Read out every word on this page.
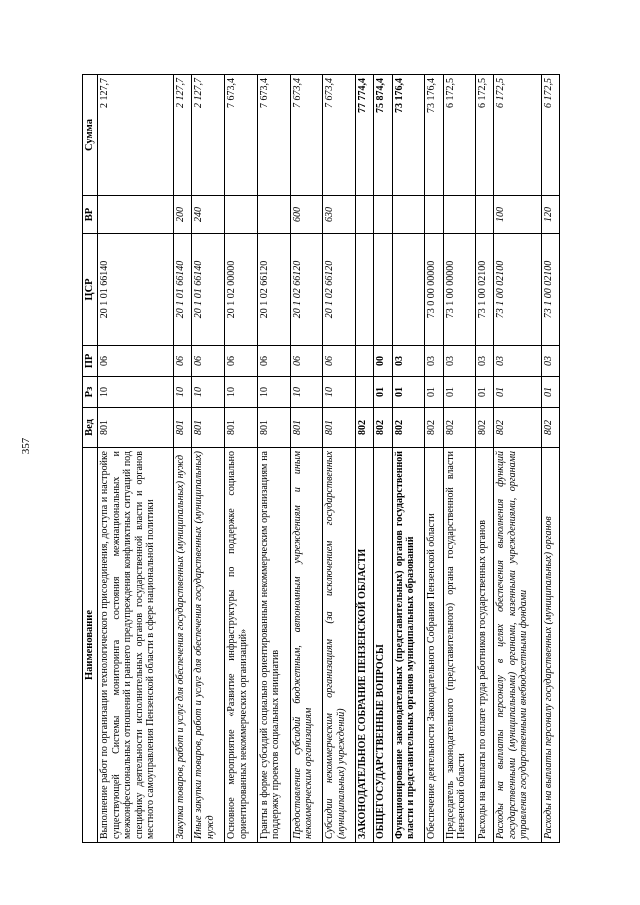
357
Наименование	Вед	Рз	ПР	ЦСР	ВР	Сумма
Выполнение работ по организации технологического присоединения, доступа и настройке существующей Системы мониторинга состояния межнациональных и межконфессиональных отношений и раннего предупреждения конфликтных ситуаций под специфику деятельности исполнительных органов государственной власти и органов местного самоуправления Пензенской области в сфере национальной политики	801	10	06	20 1 01 66140		2 127,7
Закупка товаров, работ и услуг для обеспечения государственных (муниципальных) нужд	801	10	06	20 1 01 66140	200	2 127,7
Иные закупки товаров, работ и услуг для обеспечения государственных (муниципальных) нужд	801	10	06	20 1 01 66140	240	2 127,7
Основное мероприятие «Развитие инфраструктуры по поддержке социально ориентированных некоммерческих организаций»	801	10	06	20 1 02 00000		7 673,4
Гранты в форме субсидий социально ориентированным некоммерческим организациям на поддержку проектов социальных инициатив	801	10	06	20 1 02 66120		7 673,4
Предоставление субсидий бюджетным, автономным учреждениям и иным некоммерческим организациям	801	10	06	20 1 02 66120	600	7 673,4
Субсидии некоммерческим организациям (за исключением государственных (муниципальных) учреждений)	801	10	06	20 1 02 66120	630	7 673,4
ЗАКОНОДАТЕЛЬНОЕ СОБРАНИЕ ПЕНЗЕНСКОЙ ОБЛАСТИ	802					77 774,4
ОБЩЕГОСУДАРСТВЕННЫЕ ВОПРОСЫ	802	01	00			75 874,4
Функционирование законодательных (представительных) органов государственной власти и представительных органов муниципальных образований	802	01	03			73 176,4
Обеспечение деятельности Законодательного Собрания Пензенской области	802	01	03	73 0 00 00000		73 176,4
Председатель законодательного (представительного) органа государственной власти Пензенской области	802	01	03	73 1 00 00000		6 172,5
Расходы на выплаты по оплате труда работников государственных органов	802	01	03	73 1 00 02100		6 172,5
Расходы на выплаты персоналу в целях обеспечения выполнения функций государственными (муниципальными) органами, казенными учреждениями, органами управления государственными внебюджетными фондами	802	01	03	73 1 00 02100	100	6 172,5
Расходы на выплаты персоналу государственных (муниципальных) органов	802	01	03	73 1 00 02100	120	6 172,5
